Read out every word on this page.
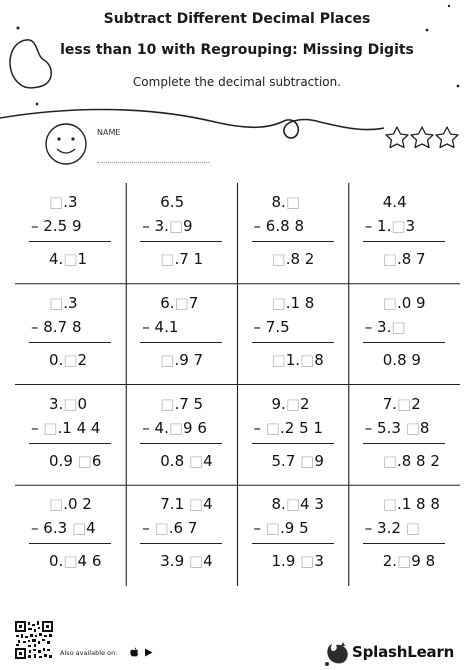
Subtract Different Decimal Places
less than 10 with Regrouping: Missing Digits
Complete the decimal subtraction.
NAME
□.3
– 2.5 9
4.□1
6.5
– 3.□9
□.7 1
8.□
– 6.8 8
□.8 2
4.4
– 1.□3
□.8 7
□.3
– 8.7 8
0.□2
6.□7
– 4.1
□.9 7
□.1 8
– 7.5
□1.□8
□.0 9
– 3.□
0.8 9
3.□0
– □.1 4 4
0.9 □6
□.7 5
– 4.□9 6
0.8 □4
9.□2
– □.2 5 1
5.7 □9
7.□2
– 5.3 □8
□.8 8 2
□.0 2
– 6.3 □4
0.□4 6
7.1 □4
– □.6 7
3.9 □4
8.□4 3
– □.9 5
1.9 □3
□.1 8 8
– 3.2 □
2.□9 8
Also available on:	SplashLearn
